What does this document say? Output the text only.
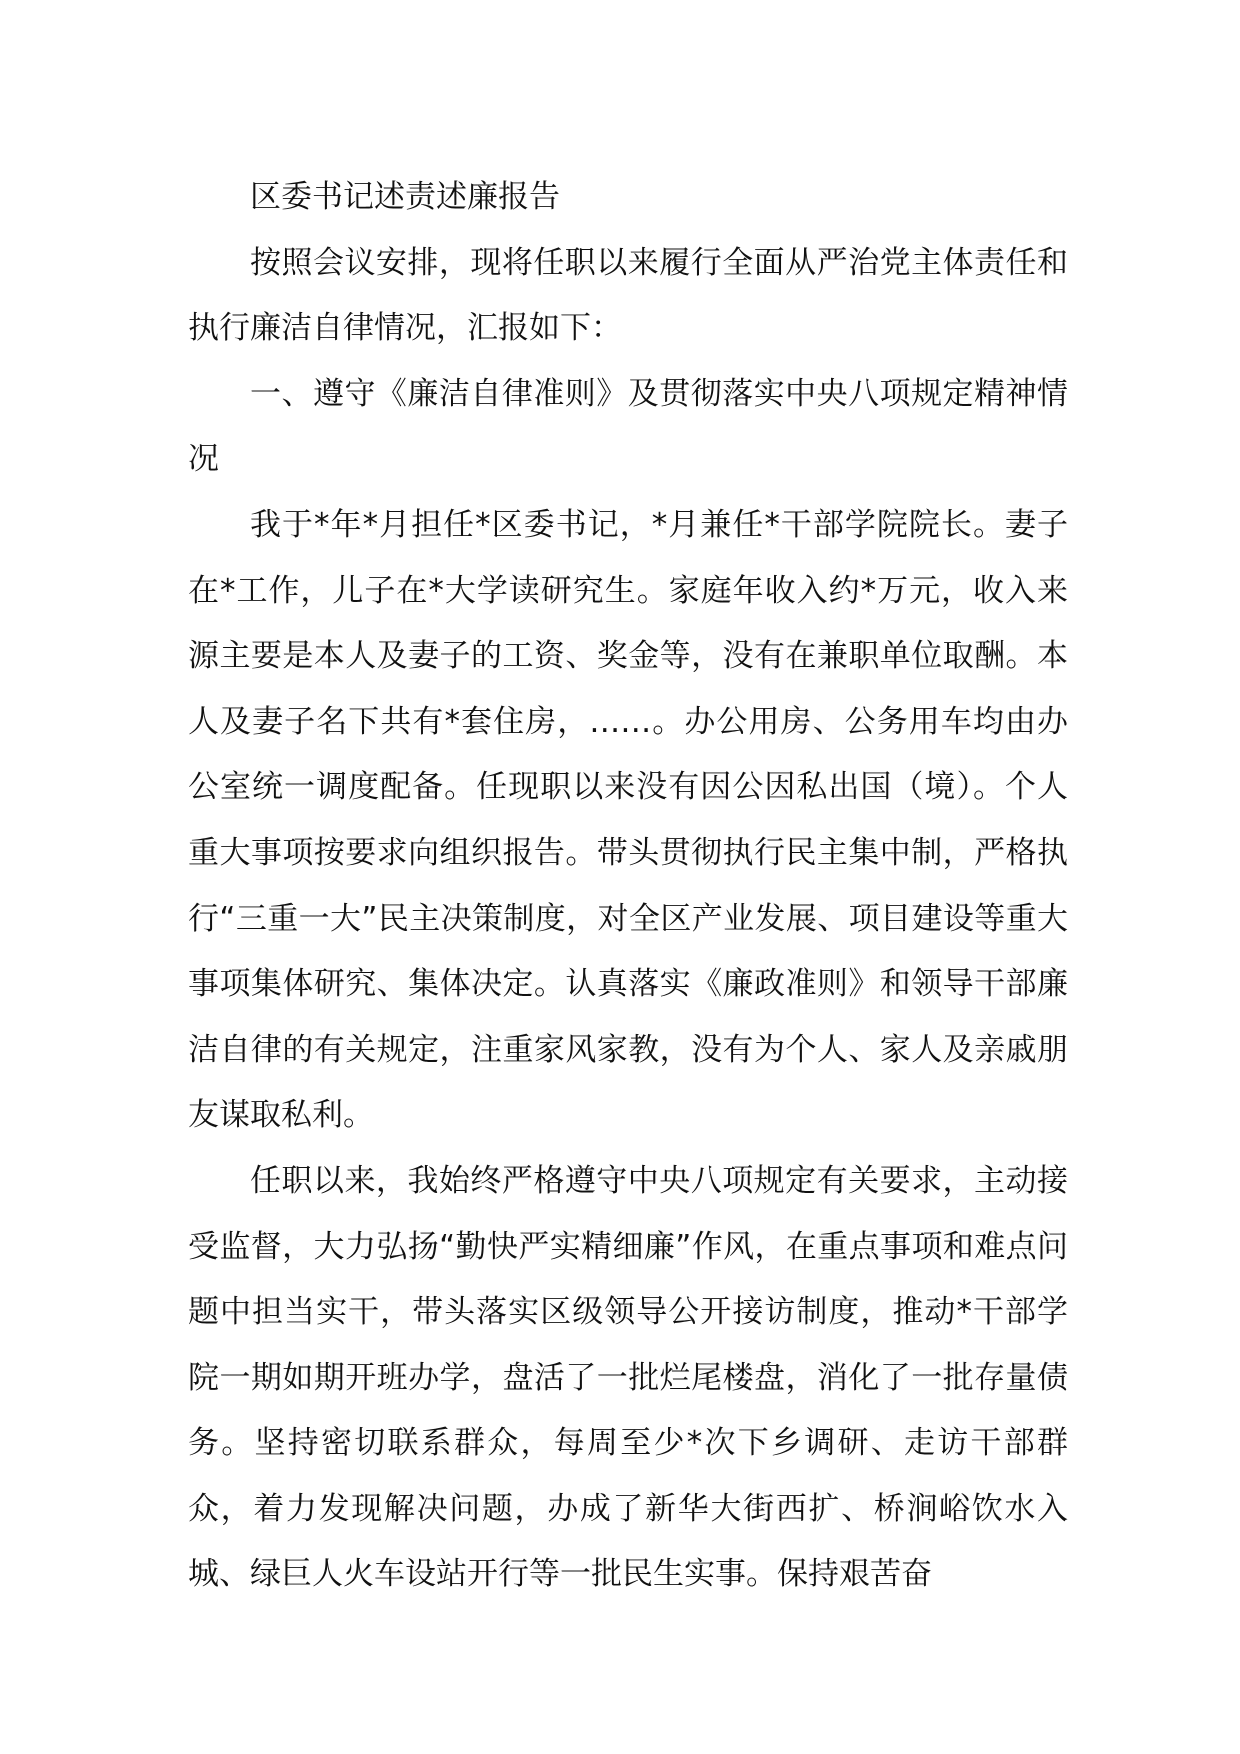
区委书记述责述廉报告

按照会议安排，现将任职以来履行全面从严治党主体责任和执行廉洁自律情况，汇报如下：

一、遵守《廉洁自律准则》及贯彻落实中央八项规定精神情况

我于*年*月担任*区委书记，*月兼任*干部学院院长。妻子在*工作，儿子在*大学读研究生。家庭年收入约*万元，收入来源主要是本人及妻子的工资、奖金等，没有在兼职单位取酬。本人及妻子名下共有*套住房，……。办公用房、公务用车均由办公室统一调度配备。任现职以来没有因公因私出国（境）。个人重大事项按要求向组织报告。带头贯彻执行民主集中制，严格执行“三重一大”民主决策制度，对全区产业发展、项目建设等重大事项集体研究、集体决定。认真落实《廉政准则》和领导干部廉洁自律的有关规定，注重家风家教，没有为个人、家人及亲戚朋友谋取私利。

任职以来，我始终严格遵守中央八项规定有关要求，主动接受监督，大力弘扬“勤快严实精细廉”作风，在重点事项和难点问题中担当实干，带头落实区级领导公开接访制度，推动*干部学院一期如期开班办学，盘活了一批烂尾楼盘，消化了一批存量债务。坚持密切联系群众，每周至少*次下乡调研、走访干部群众，着力发现解决问题，办成了新华大街西扩、桥涧峪饮水入城、绿巨人火车设站开行等一批民生实事。保持艰苦奋
